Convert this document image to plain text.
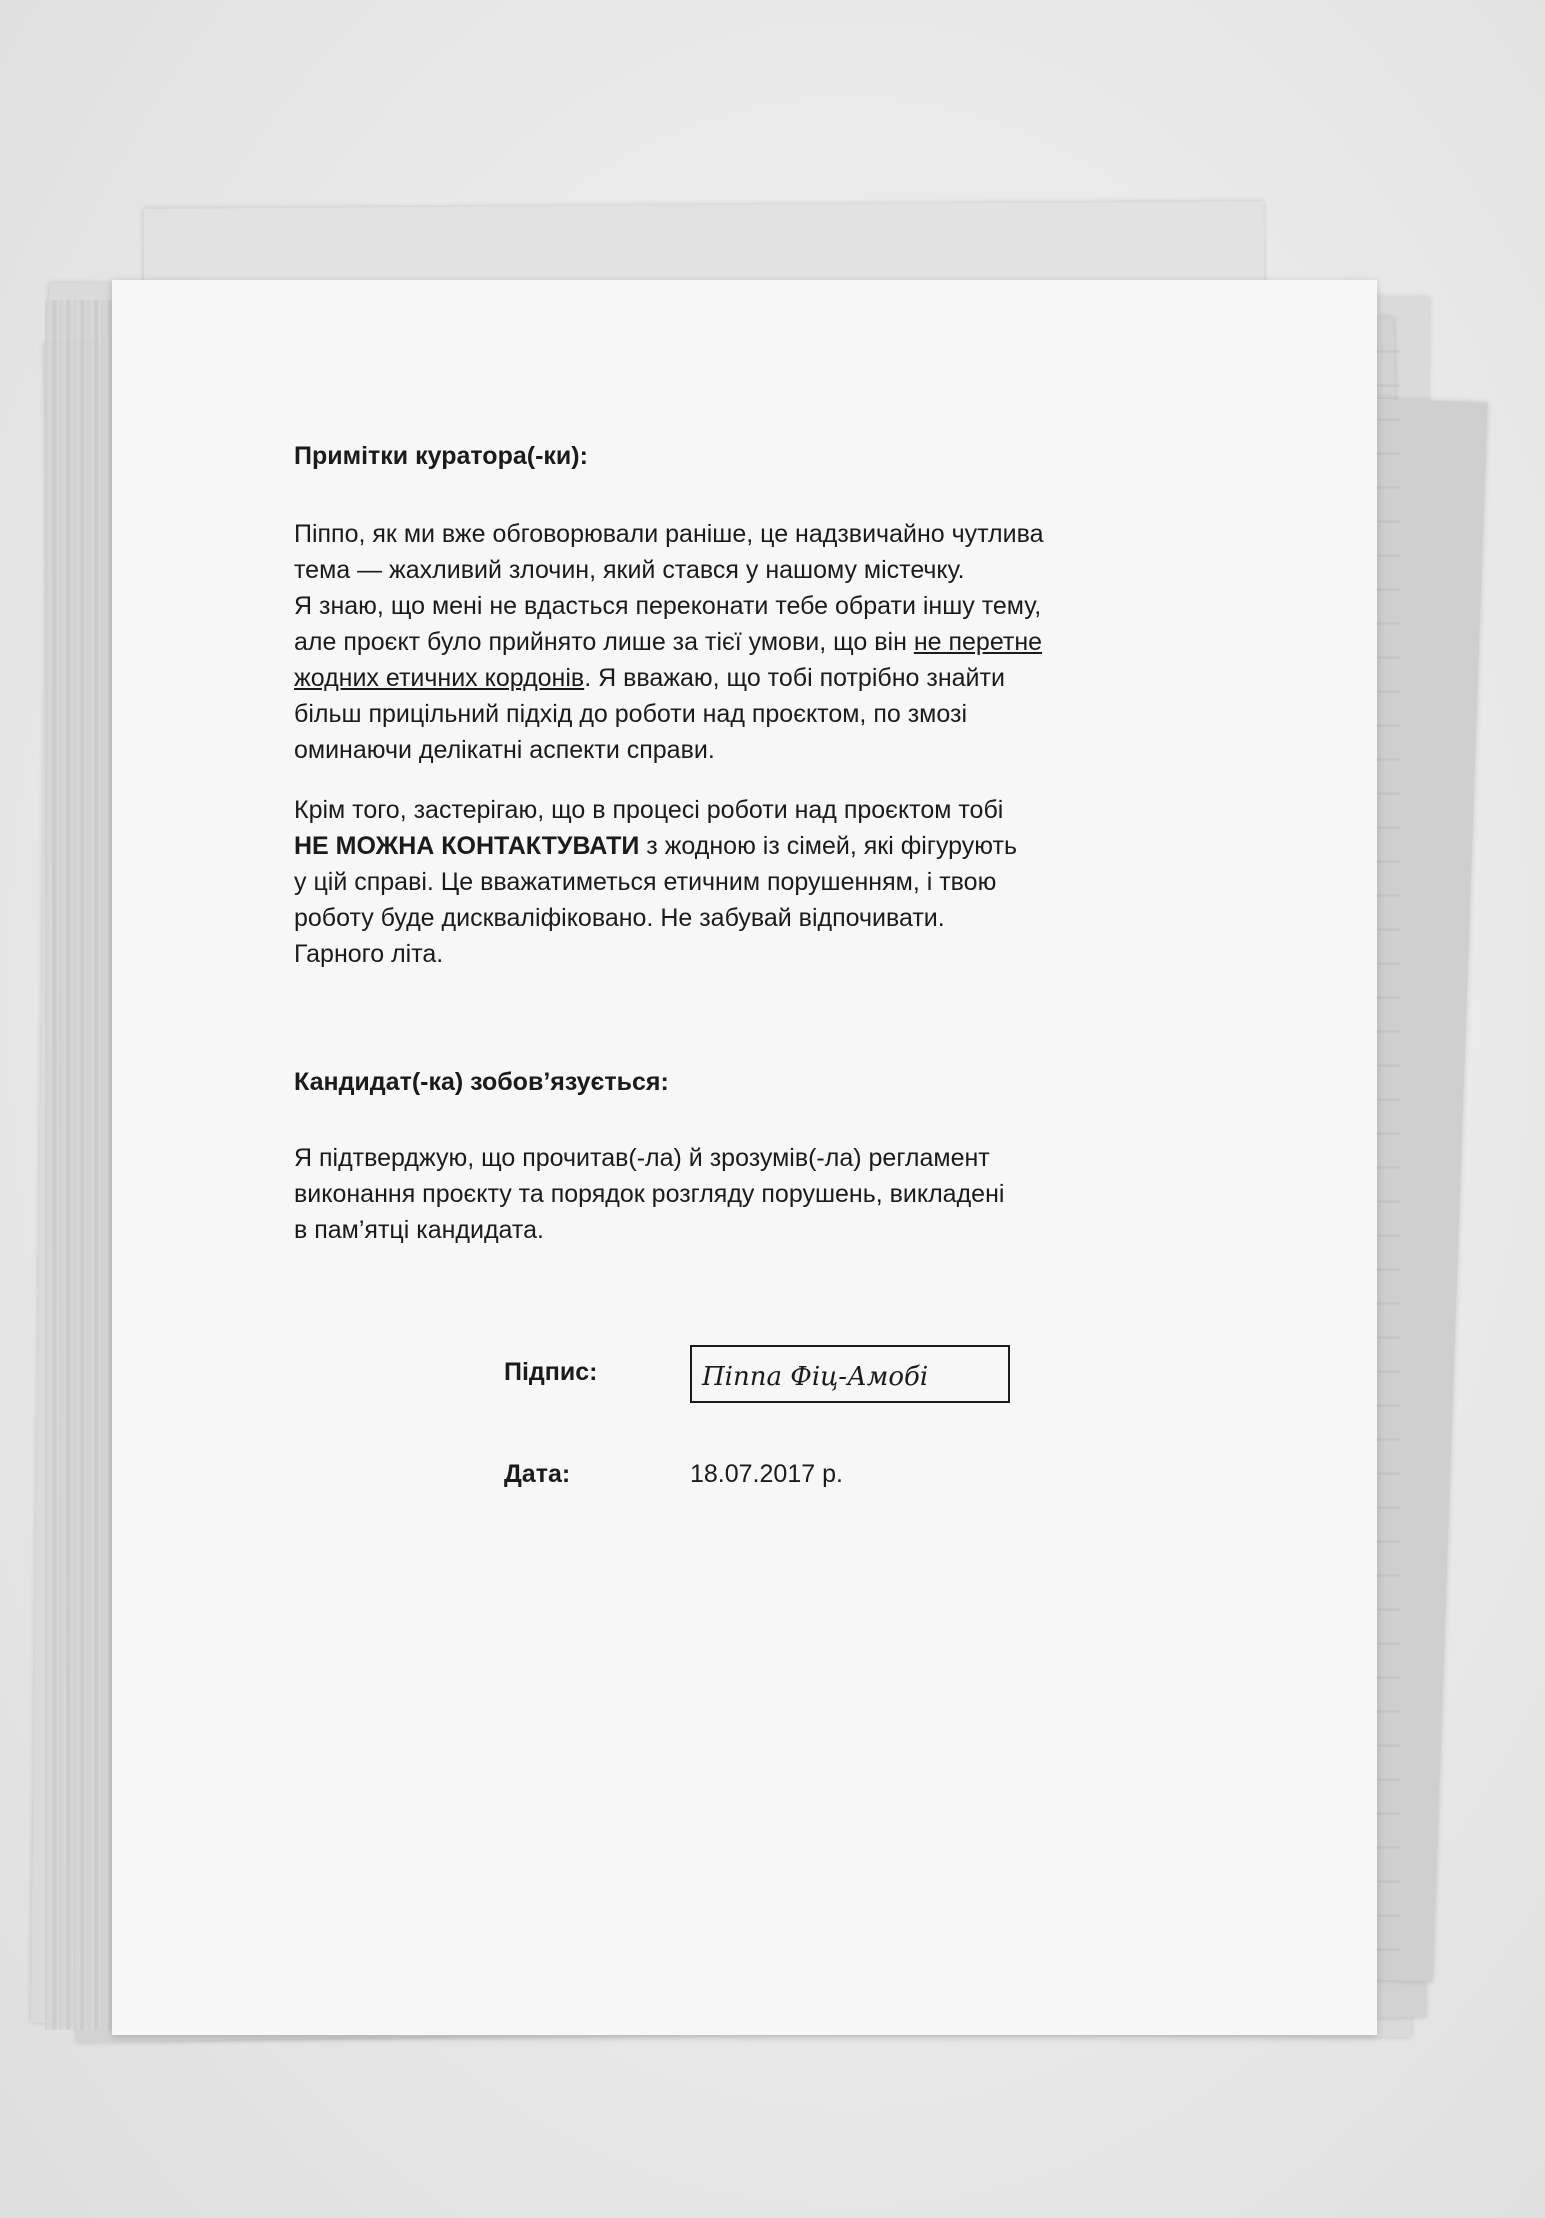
Примітки куратора(-ки):

Піппо, як ми вже обговорювали раніше, це надзвичайно чутлива

тема — жахливий злочин, який стався у нашому містечку.

Я знаю, що мені не вдасться переконати тебе обрати іншу тему,

але проєкт було прийнято лише за тієї умови, що він не перетне

жодних етичних кордонів. Я вважаю, що тобі потрібно знайти

більш прицільний підхід до роботи над проєктом, по змозі

оминаючи делікатні аспекти справи.

Крім того, застерігаю, що в процесі роботи над проєктом тобі

НЕ МОЖНА КОНТАКТУВАТИ з жодною із сімей, які фігурують

у цій справі. Це вважатиметься етичним порушенням, і твою

роботу буде дискваліфіковано. Не забувай відпочивати.

Гарного літа.

Кандидат(-ка) зобов’язується:

Я підтверджую, що прочитав(-ла) й зрозумів(-ла) регламент

виконання проєкту та порядок розгляду порушень, викладені

в пам’ятці кандидата.

Підпис:	Піппа Фіц-Амобі
Дата:	18.07.2017 р.
